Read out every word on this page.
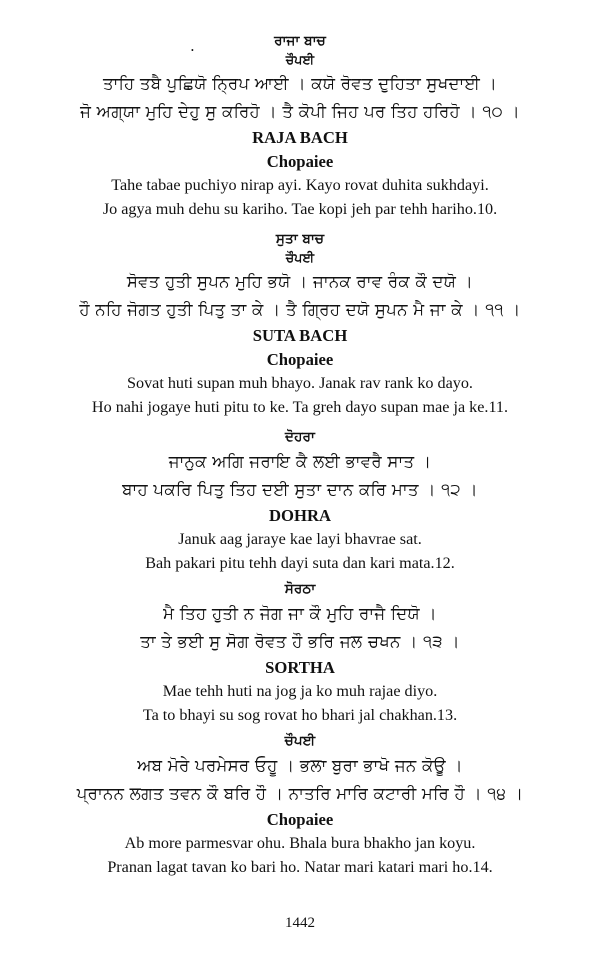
•

ਰਾਜਾ ਬਾਚ

ਚੌਪਈ

ਤਾਹਿ ਤਬੈ ਪੁਛਿਯੋ ਨ੍ਰਿਪ ਆਈ । ਕਯੋ ਰੋਵਤ ਦੁਹਿਤਾ ਸੁਖਦਾਈ ।

ਜੋ ਅਗ੍ਯਾ ਮੁਹਿ ਦੇਹੁ ਸੁ ਕਰਿਹੋ । ਤੈ ਕੋਪੀ ਜਿਹ ਪਰ ਤਿਹ ਹਰਿਹੋ । ੧੦ ।

RAJA BACH

Chopaiee

Tahe tabae puchiyo nirap ayi. Kayo rovat duhita sukhdayi.

Jo agya muh dehu su kariho. Tae kopi jeh par tehh hariho.10.

ਸੁਤਾ ਬਾਚ

ਚੌਪਈ

ਸੋਵਤ ਹੁਤੀ ਸੁਪਨ ਮੁਹਿ ਭਯੋ । ਜਾਨਕ ਰਾਵ ਰੰਕ ਕੌ ਦਯੋ ।

ਹੌ ਨਹਿ ਜੋਗਤ ਹੁਤੀ ਪਿਤੁ ਤਾ ਕੇ । ਤੈ ਗ੍ਰਿਹ ਦਯੋ ਸੁਪਨ ਮੈ ਜਾ ਕੇ । ੧੧ ।

SUTA BACH

Chopaiee

Sovat huti supan muh bhayo. Janak rav rank ko dayo.

Ho nahi jogaye huti pitu to ke. Ta greh dayo supan mae ja ke.11.

ਦੋਹਰਾ

ਜਾਨੁਕ ਅਗਿ ਜਰਾਇ ਕੈ ਲਈ ਭਾਵਰੈ ਸਾਤ ।

ਬਾਹ ਪਕਰਿ ਪਿਤੁ ਤਿਹ ਦਈ ਸੁਤਾ ਦਾਨ ਕਰਿ ਮਾਤ । ੧੨ ।

DOHRA

Januk aag jaraye kae layi bhavrae sat.

Bah pakari pitu tehh dayi suta dan kari mata.12.

ਸੋਰਠਾ

ਮੈ ਤਿਹ ਹੁਤੀ ਨ ਜੋਗ ਜਾ ਕੌ ਮੁਹਿ ਰਾਜੈ ਦਿਯੋ ।

ਤਾ ਤੇ ਭਈ ਸੁ ਸੋਗ ਰੋਵਤ ਹੌ ਭਰਿ ਜਲ ਚਖਨ । ੧੩ ।

SORTHA

Mae tehh huti na jog ja ko muh rajae diyo.

Ta to bhayi su sog rovat ho bhari jal chakhan.13.

ਚੌਪਈ

ਅਬ ਮੋਰੇ ਪਰਮੇਸਰ ਓਹੂ । ਭਲਾ ਬੁਰਾ ਭਾਖੋ ਜਨ ਕੋਊ ।

ਪ੍ਰਾਨਨ ਲਗਤ ਤਵਨ ਕੌ ਬਰਿ ਹੌ । ਨਾਤਰਿ ਮਾਰਿ ਕਟਾਰੀ ਮਰਿ ਹੌ । ੧੪ ।

Chopaiee

Ab more parmesvar ohu. Bhala bura bhakho jan koyu.

Pranan lagat tavan ko bari ho. Natar mari katari mari ho.14.

1442
